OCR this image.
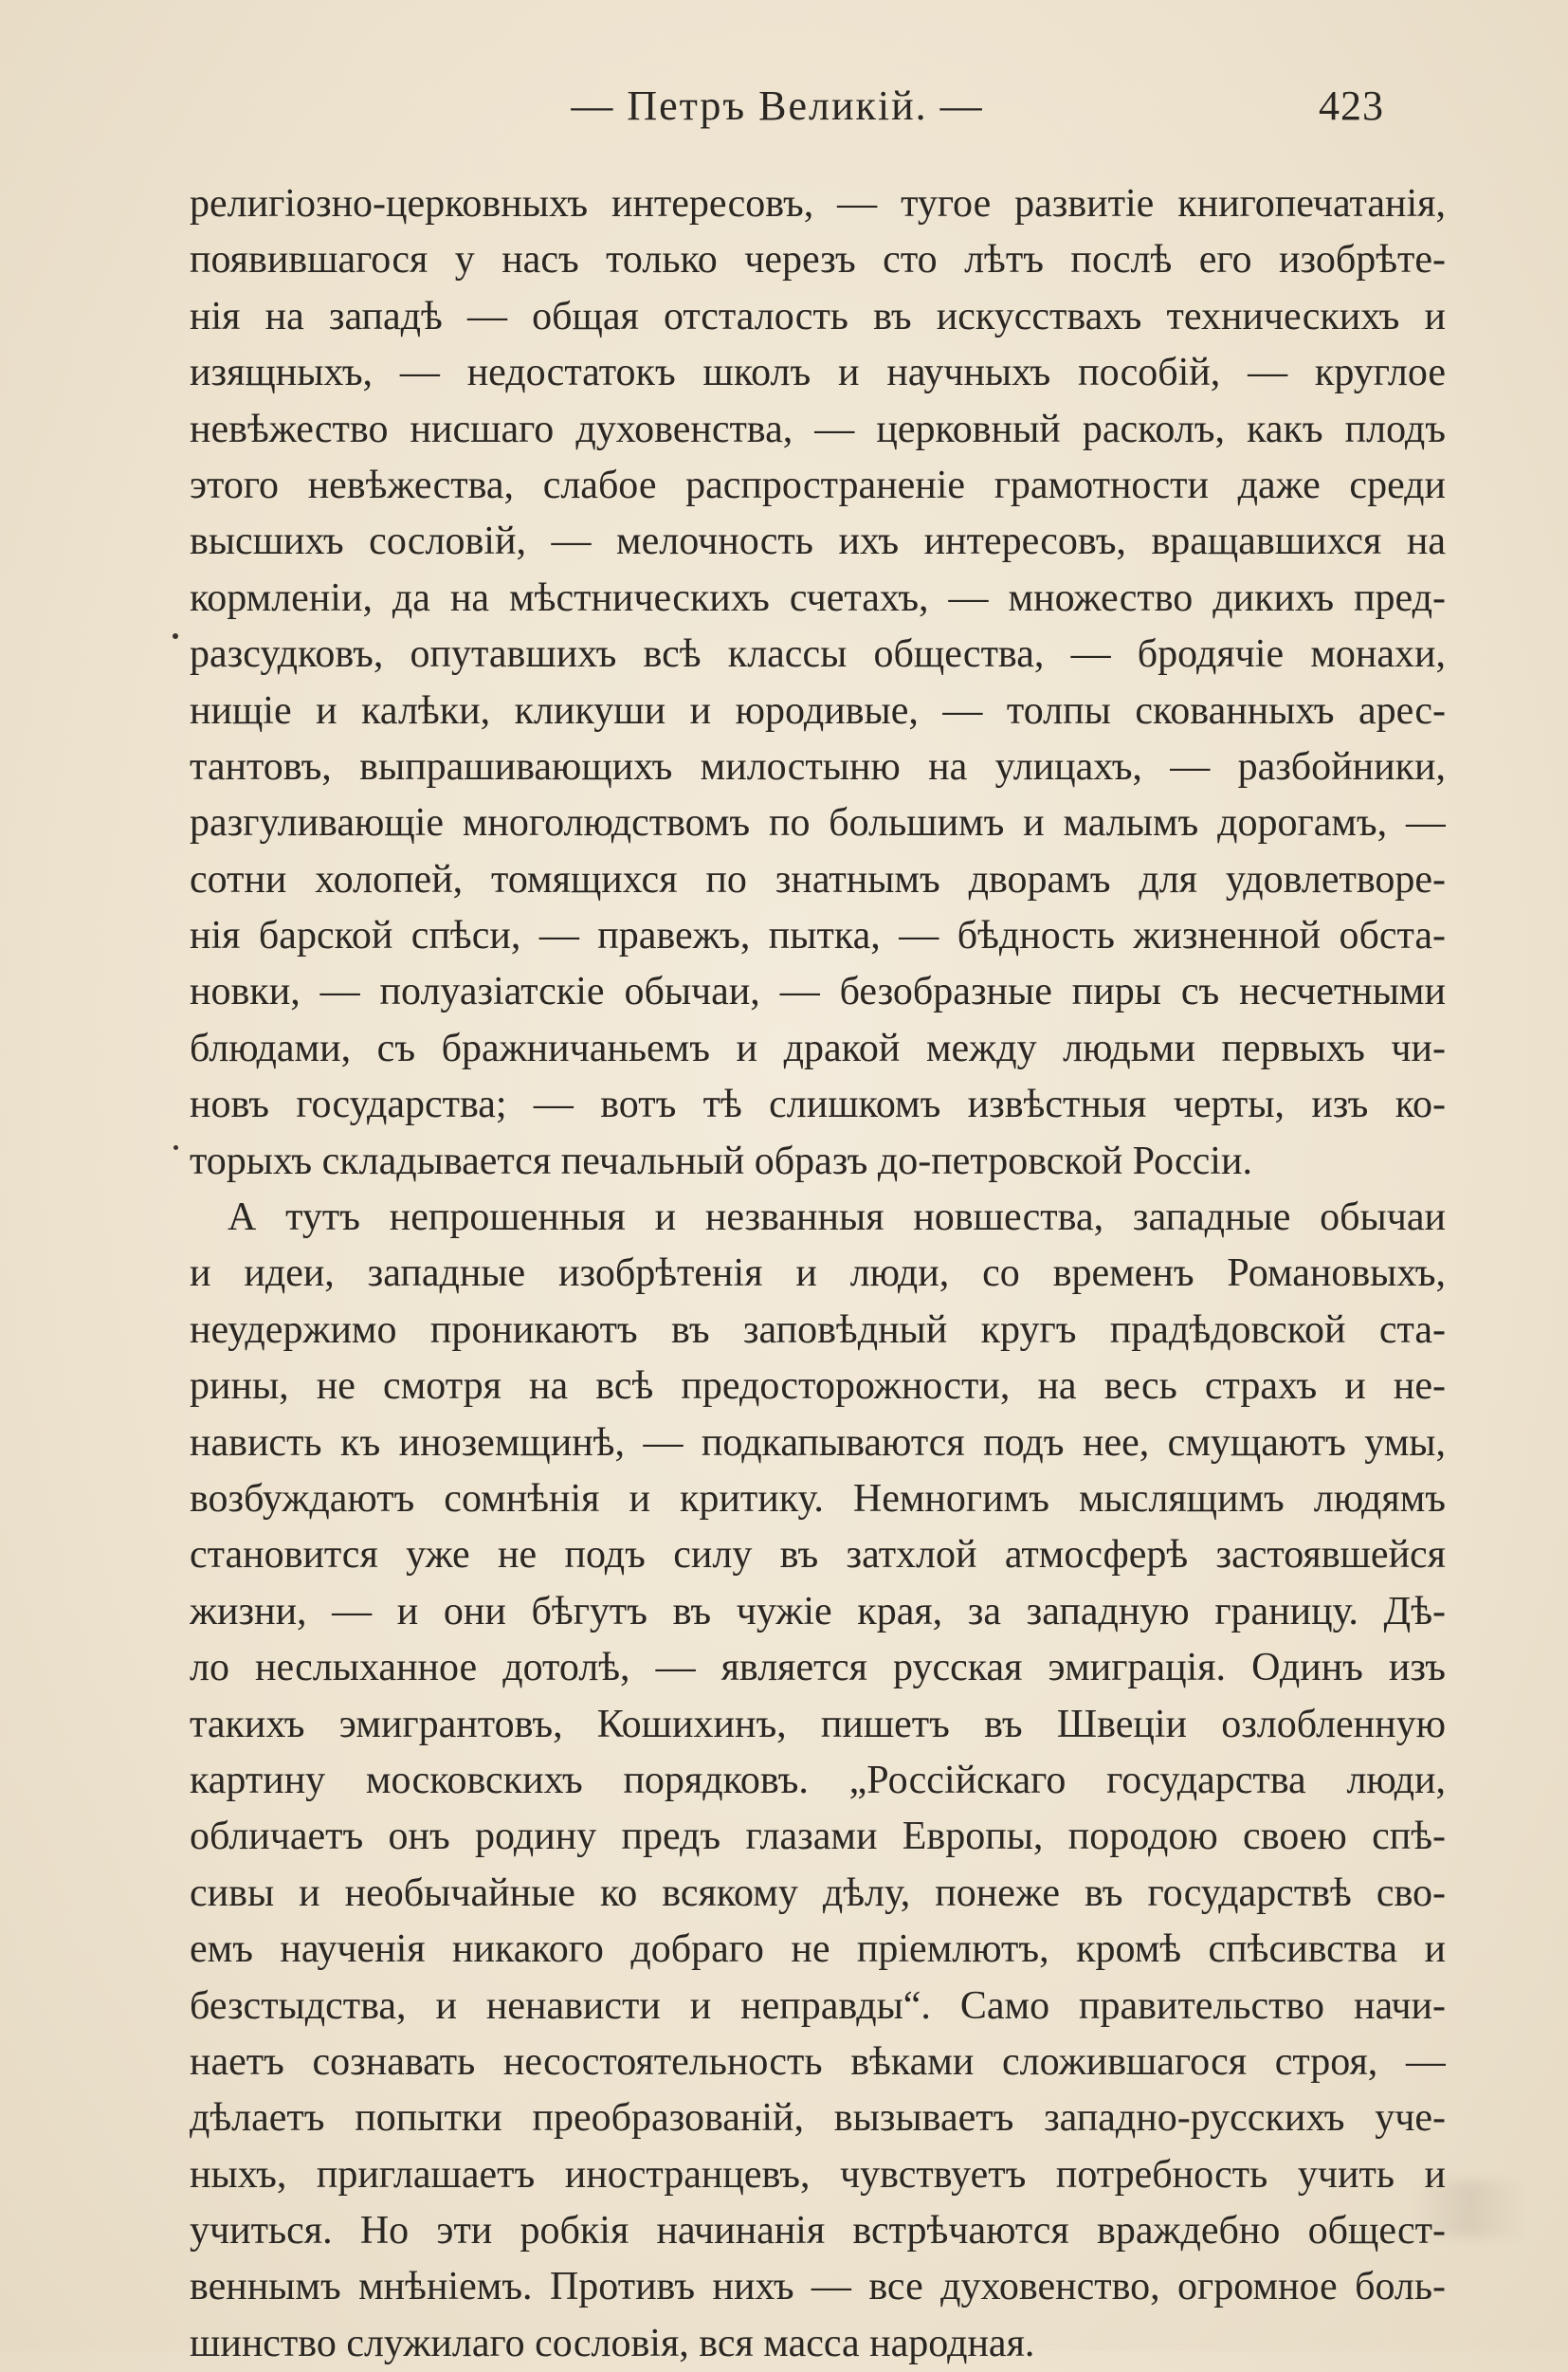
— Петръ Великій. —	423
религіозно-церковныхъ интересовъ, — тугое развитіе книгопечатанія,
появившагося у насъ только черезъ сто лѣтъ послѣ его изобрѣте-
нія на западѣ — общая отсталость въ искусствахъ техническихъ и
изящныхъ, — недостатокъ школъ и научныхъ пособій, — круглое
невѣжество нисшаго духовенства, — церковный расколъ, какъ плодъ
этого невѣжества, слабое распространеніе грамотности даже среди
высшихъ сословій, — мелочность ихъ интересовъ, вращавшихся на
кормленіи, да на мѣстническихъ счетахъ, — множество дикихъ пред-
разсудковъ, опутавшихъ всѣ классы общества, — бродячіе монахи,
нищіе и калѣки, кликуши и юродивые, — толпы скованныхъ арес-
тантовъ, выпрашивающихъ милостыню на улицахъ, — разбойники,
разгуливающіе многолюдствомъ по большимъ и малымъ дорогамъ, —
сотни холопей, томящихся по знатнымъ дворамъ для удовлетворе-
нія барской спѣси, — правежъ, пытка, — бѣдность жизненной обста-
новки, — полуазіатскіе обычаи, — безобразные пиры съ несчетными
блюдами, съ бражничаньемъ и дракой между людьми первыхъ чи-
новъ государства; — вотъ тѣ слишкомъ извѣстныя черты, изъ ко-
торыхъ складывается печальный образъ до-петровской Россіи.
А тутъ непрошенныя и незванныя новшества, западные обычаи
и идеи, западные изобрѣтенія и люди, со временъ Романовыхъ,
неудержимо проникаютъ въ заповѣдный кругъ прадѣдовской ста-
рины, не смотря на всѣ предосторожности, на весь страхъ и не-
нависть къ иноземщинѣ, — подкапываются подъ нее, смущаютъ умы,
возбуждаютъ сомнѣнія и критику. Немногимъ мыслящимъ людямъ
становится уже не подъ силу въ затхлой атмосферѣ застоявшейся
жизни, — и они бѣгутъ въ чужіе края, за западную границу. Дѣ-
ло неслыханное дотолѣ, — является русская эмиграція. Одинъ изъ
такихъ эмигрантовъ, Кошихинъ, пишетъ въ Швеціи озлобленную
картину московскихъ порядковъ. „Россійскаго государства люди,
обличаетъ онъ родину предъ глазами Европы, породою своею спѣ-
сивы и необычайные ко всякому дѣлу, понеже въ государствѣ сво-
емъ наученія никакого добраго не пріемлютъ, кромѣ спѣсивства и
безстыдства, и ненависти и неправды“. Само правительство начи-
наетъ сознавать несостоятельность вѣками сложившагося строя, —
дѣлаетъ попытки преобразованій, вызываетъ западно-русскихъ уче-
ныхъ, приглашаетъ иностранцевъ, чувствуетъ потребность учить и
учиться. Но эти робкія начинанія встрѣчаются враждебно общест-
веннымъ мнѣніемъ. Противъ нихъ — все духовенство, огромное боль-
шинство служилаго сословія, вся масса народная.
